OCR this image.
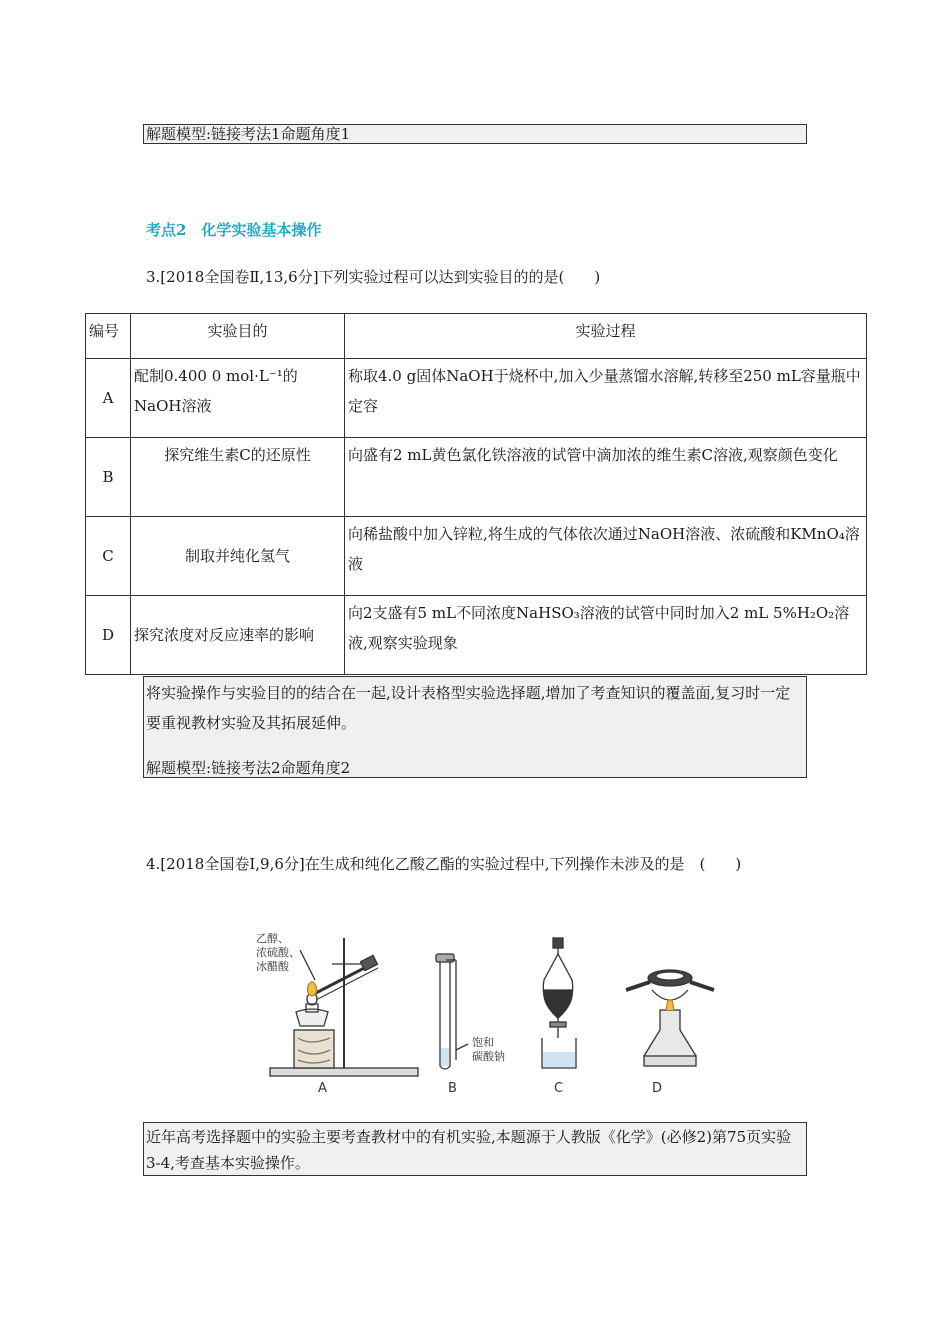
解题模型:链接考法1命题角度1
考点2　化学实验基本操作
3.[2018全国卷Ⅱ,13,6分]下列实验过程可以达到实验目的的是(　　)
编号	实验目的	实验过程
A	配制0.400 0 mol·L⁻¹的NaOH溶液	称取4.0 g固体NaOH于烧杯中,加入少量蒸馏水溶解,转移至250 mL容量瓶中定容
B	探究维生素C的还原性	向盛有2 mL黄色氯化铁溶液的试管中滴加浓的维生素C溶液,观察颜色变化
C	制取并纯化氢气	向稀盐酸中加入锌粒,将生成的气体依次通过NaOH溶液、浓硫酸和KMnO₄溶液
D	探究浓度对反应速率的影响	向2支盛有5 mL不同浓度NaHSO₃溶液的试管中同时加入2 mL 5%H₂O₂溶液,观察实验现象
将实验操作与实验目的的结合在一起,设计表格型实验选择题,增加了考查知识的覆盖面,复习时一定要重视教材实验及其拓展延伸。
解题模型:链接考法2命题角度2
4.[2018全国卷Ⅰ,9,6分]在生成和纯化乙酸乙酯的实验过程中,下列操作未涉及的是　(　　)
乙醇、
浓硫酸、
冰醋酸
饱和
碳酸钠
A	B	C	D
近年高考选择题中的实验主要考查教材中的有机实验,本题源于人教版《化学》(必修2)第75页实验3-4,考查基本实验操作。
